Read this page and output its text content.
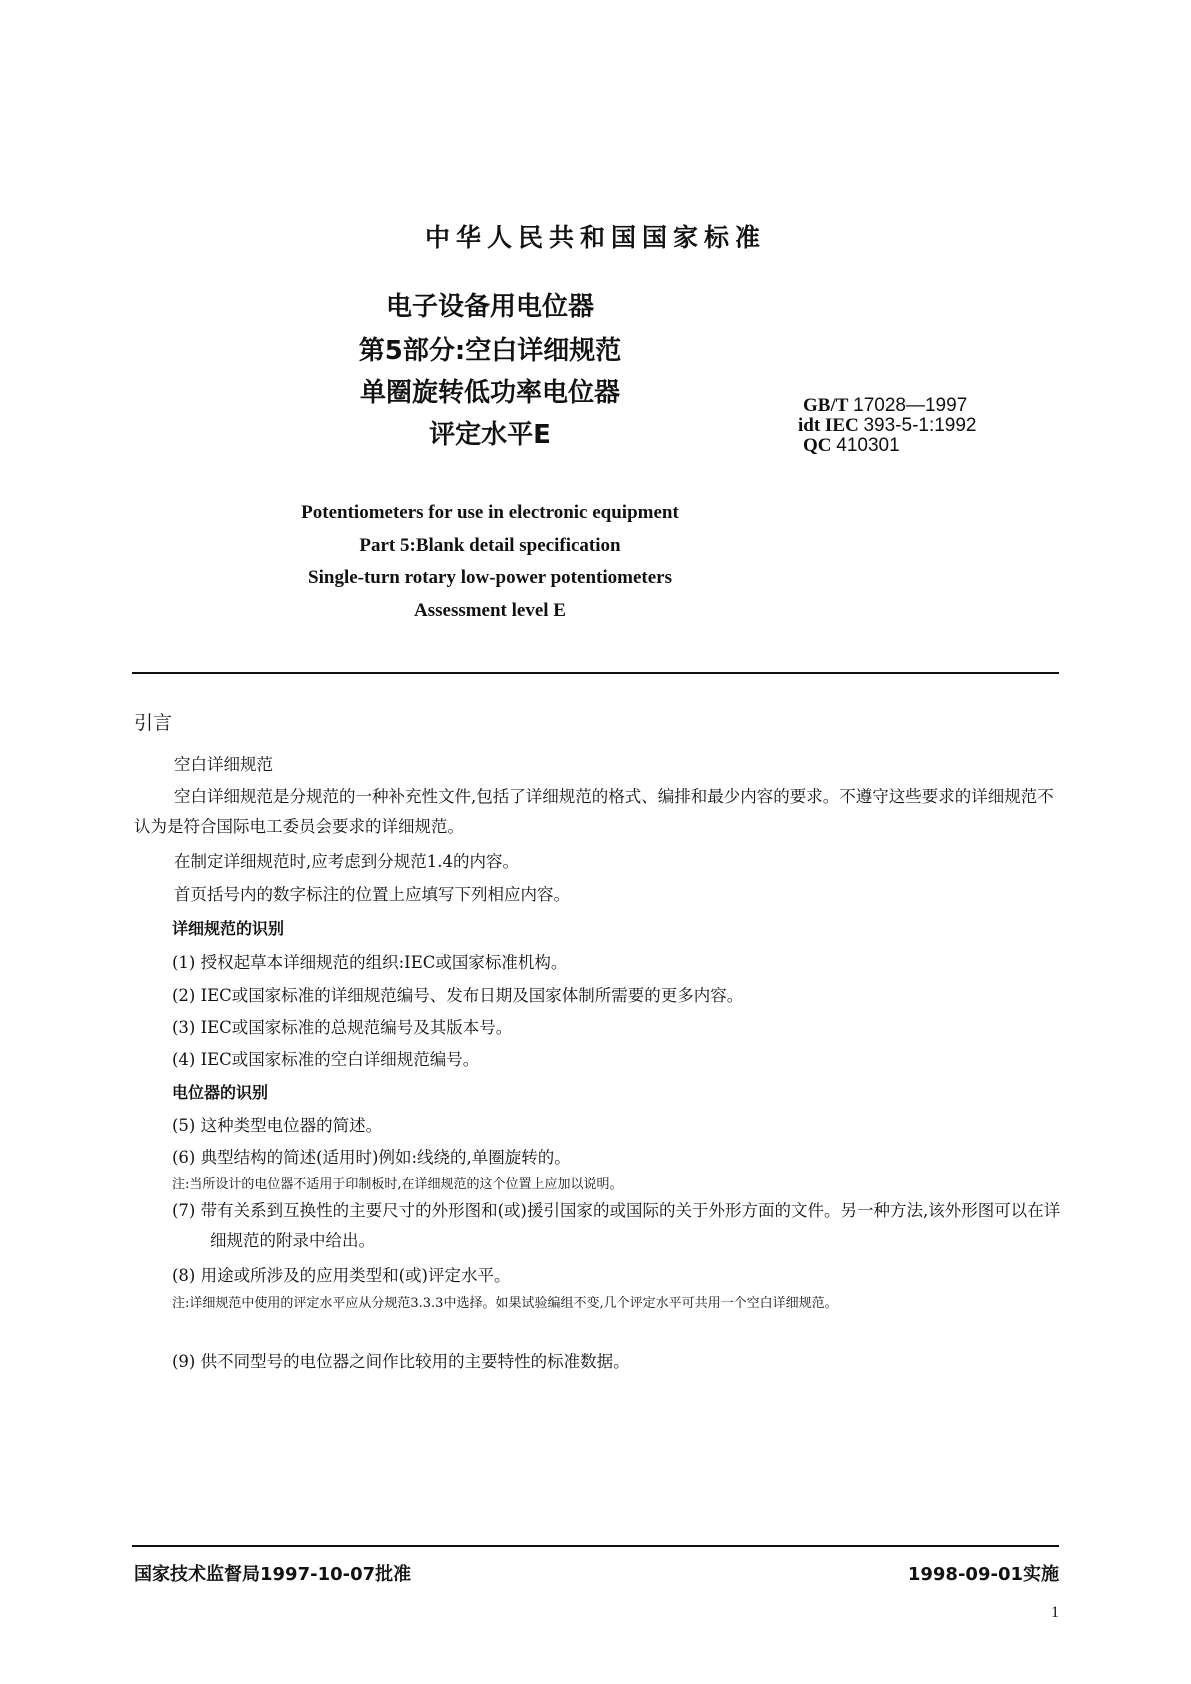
中华人民共和国国家标准
电子设备用电位器
第5部分:空白详细规范
单圈旋转低功率电位器
评定水平E
GB/T 17028—1997
idt IEC 393-5-1:1992
QC 410301
Potentiometers for use in electronic equipment
Part 5:Blank detail specification
Single-turn rotary low-power potentiometers
Assessment level E
引言
空白详细规范
空白详细规范是分规范的一种补充性文件,包括了详细规范的格式、编排和最少内容的要求。不遵守这些要求的详细规范不认为是符合国际电工委员会要求的详细规范。
在制定详细规范时,应考虑到分规范1.4的内容。
首页括号内的数字标注的位置上应填写下列相应内容。
详细规范的识别
(1) 授权起草本详细规范的组织:IEC或国家标准机构。
(2) IEC或国家标准的详细规范编号、发布日期及国家体制所需要的更多内容。
(3) IEC或国家标准的总规范编号及其版本号。
(4) IEC或国家标准的空白详细规范编号。
电位器的识别
(5) 这种类型电位器的简述。
(6) 典型结构的简述(适用时)例如:线绕的,单圈旋转的。
注:当所设计的电位器不适用于印制板时,在详细规范的这个位置上应加以说明。
(7) 带有关系到互换性的主要尺寸的外形图和(或)援引国家的或国际的关于外形方面的文件。另一种方法,该外形图可以在详细规范的附录中给出。
(8) 用途或所涉及的应用类型和(或)评定水平。
注:详细规范中使用的评定水平应从分规范3.3.3中选择。如果试验编组不变,几个评定水平可共用一个空白详细规范。
(9) 供不同型号的电位器之间作比较用的主要特性的标准数据。
国家技术监督局1997-10-07批准	1998-09-01实施
1
